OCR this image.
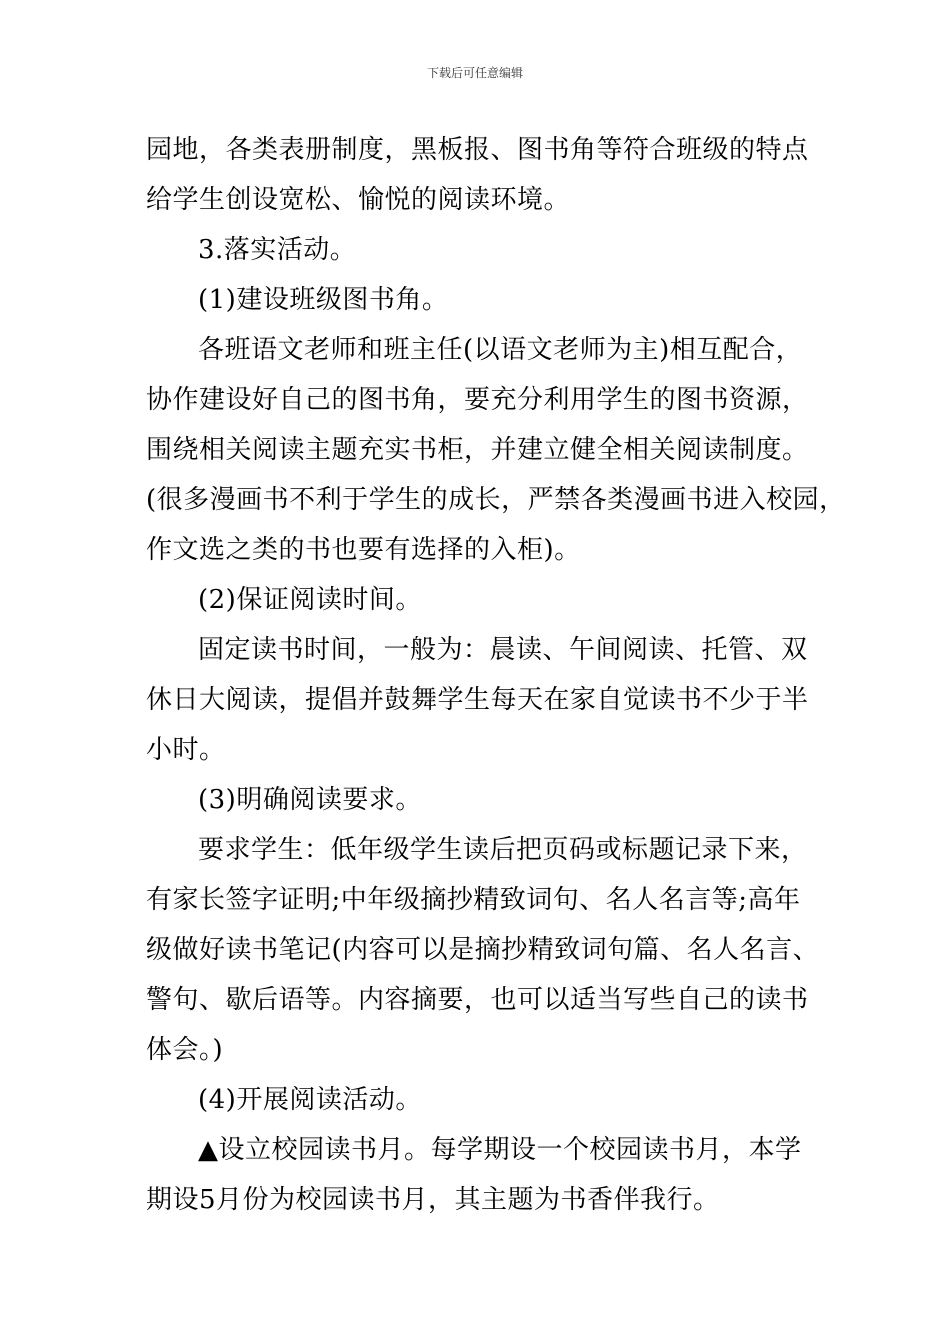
下载后可任意编辑
园地，各类表册制度，黑板报、图书角等符合班级的特点
给学生创设宽松、愉悦的阅读环境。
3.落实活动。
(1)建设班级图书角。
各班语文老师和班主任(以语文老师为主)相互配合，
协作建设好自己的图书角，要充分利用学生的图书资源，
围绕相关阅读主题充实书柜，并建立健全相关阅读制度。
(很多漫画书不利于学生的成长，严禁各类漫画书进入校园，
作文选之类的书也要有选择的入柜)。
(2)保证阅读时间。
固定读书时间，一般为：晨读、午间阅读、托管、双
休日大阅读，提倡并鼓舞学生每天在家自觉读书不少于半
小时。
(3)明确阅读要求。
要求学生：低年级学生读后把页码或标题记录下来，
有家长签字证明;中年级摘抄精致词句、名人名言等;高年
级做好读书笔记(内容可以是摘抄精致词句篇、名人名言、
警句、歇后语等。内容摘要，也可以适当写些自己的读书
体会。)
(4)开展阅读活动。
▲设立校园读书月。每学期设一个校园读书月，本学
期设5月份为校园读书月，其主题为书香伴我行。
